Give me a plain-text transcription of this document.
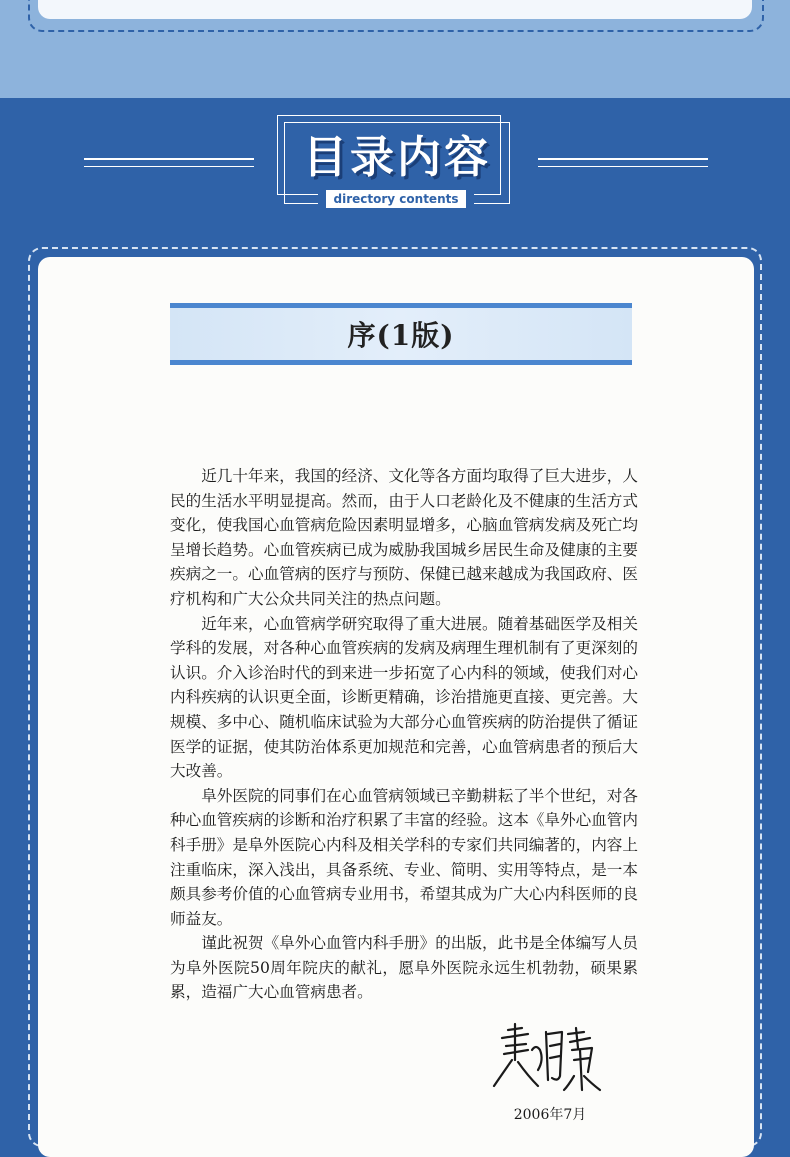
目录内容
directory contents
序(1版)

近几十年来，我国的经济、文化等各方面均取得了巨大进步，人民的生活水平明显提高。然而，由于人口老龄化及不健康的生活方式变化，使我国心血管病危险因素明显增多，心脑血管病发病及死亡均呈增长趋势。心血管疾病已成为威胁我国城乡居民生命及健康的主要疾病之一。心血管病的医疗与预防、保健已越来越成为我国政府、医疗机构和广大公众共同关注的热点问题。

近年来，心血管病学研究取得了重大进展。随着基础医学及相关学科的发展，对各种心血管疾病的发病及病理生理机制有了更深刻的认识。介入诊治时代的到来进一步拓宽了心内科的领域，使我们对心内科疾病的认识更全面，诊断更精确，诊治措施更直接、更完善。大规模、多中心、随机临床试验为大部分心血管疾病的防治提供了循证医学的证据，使其防治体系更加规范和完善，心血管病患者的预后大大改善。

阜外医院的同事们在心血管病领域已辛勤耕耘了半个世纪，对各种心血管疾病的诊断和治疗积累了丰富的经验。这本《阜外心血管内科手册》是阜外医院心内科及相关学科的专家们共同编著的，内容上注重临床，深入浅出，具备系统、专业、简明、实用等特点，是一本颇具参考价值的心血管病专业用书，希望其成为广大心内科医师的良师益友。

谨此祝贺《阜外心血管内科手册》的出版，此书是全体编写人员为阜外医院50周年院庆的献礼，愿阜外医院永远生机勃勃，硕果累累，造福广大心血管病患者。

2006年7月
